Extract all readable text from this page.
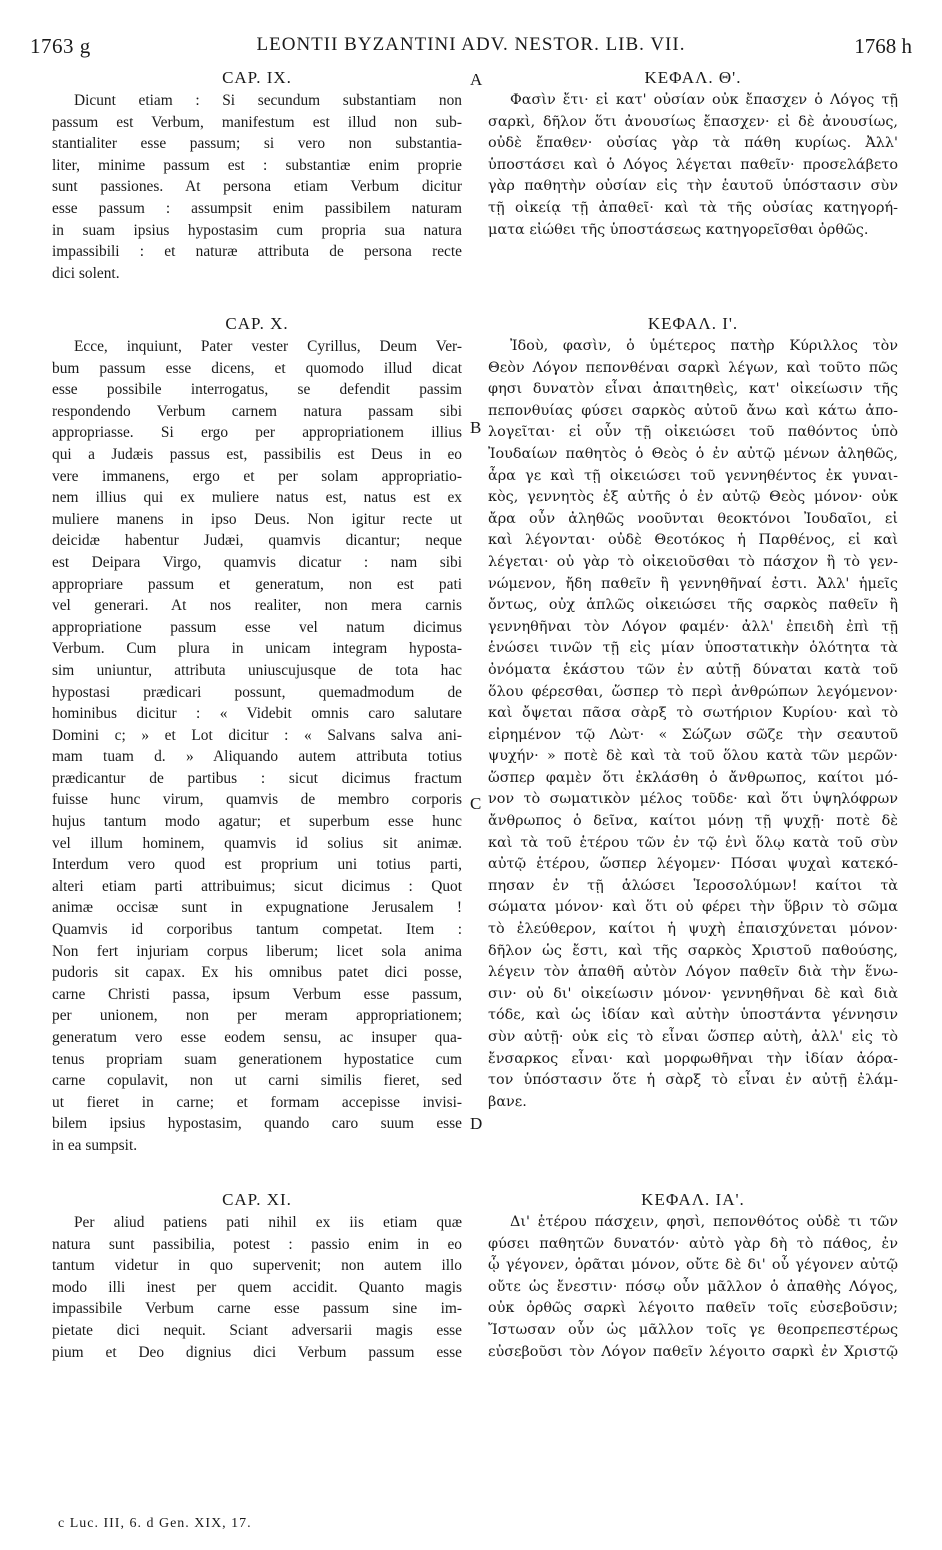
1763 g	LEONTII BYZANTINI ADV. NESTOR. LIB. VII.	1768 h
A
B
C
D
CAP. IX.
Dicunt etiam : Si secundum substantiam non
passum est Verbum, manifestum est illud non sub-
stantialiter esse passum; si vero non substantia-
liter, minime passum est : substantiæ enim proprie
sunt passiones. At persona etiam Verbum dicitur
esse passum : assumpsit enim passibilem naturam
in suam ipsius hypostasim cum propria sua natura
impassibili : et naturæ attributa de persona recte
dici solent.
CAP. X.
Ecce, inquiunt, Pater vester Cyrillus, Deum Ver-
bum passum esse dicens, et quomodo illud dicat
esse possibile interrogatus, se defendit passim
respondendo Verbum carnem natura passam sibi
appropriasse. Si ergo per appropriationem illius
qui a Judæis passus est, passibilis est Deus in eo
vere immanens, ergo et per solam appropriatio-
nem illius qui ex muliere natus est, natus est ex
muliere manens in ipso Deus. Non igitur recte ut
deicidæ habentur Judæi, quamvis dicantur; neque
est Deipara Virgo, quamvis dicatur : nam sibi
appropriare passum et generatum, non est pati
vel generari. At nos realiter, non mera carnis
appropriatione passum esse vel natum dicimus
Verbum. Cum plura in unicam integram hyposta-
sim uniuntur, attributa uniuscujusque de tota hac
hypostasi prædicari possunt, quemadmodum de
hominibus dicitur : « Videbit omnis caro salutare
Domini c; » et Lot dicitur : « Salvans salva ani-
mam tuam d. » Aliquando autem attributa totius
prædicantur de partibus : sicut dicimus fractum
fuisse hunc virum, quamvis de membro corporis
hujus tantum modo agatur; et superbum esse hunc
vel illum hominem, quamvis id solius sit animæ.
Interdum vero quod est proprium uni totius parti,
alteri etiam parti attribuimus; sicut dicimus : Quot
animæ occisæ sunt in expugnatione Jerusalem !
Quamvis id corporibus tantum competat. Item :
Non fert injuriam corpus liberum; licet sola anima
pudoris sit capax. Ex his omnibus patet dici posse,
carne Christi passa, ipsum Verbum esse passum,
per unionem, non per meram appropriationem;
generatum vero esse eodem sensu, ac insuper qua-
tenus propriam suam generationem hypostatice cum
carne copulavit, non ut carni similis fieret, sed
ut fieret in carne; et formam accepisse invisi-
bilem ipsius hypostasim, quando caro suum esse
in ea sumpsit.
CAP. XI.
Per aliud patiens pati nihil ex iis etiam quæ
natura sunt passibilia, potest : passio enim in eo
tantum videtur in quo supervenit; non autem illo
modo illi inest per quem accidit. Quanto magis
impassibile Verbum carne esse passum sine im-
pietate dici nequit. Sciant adversarii magis esse
pium et Deo dignius dici Verbum passum esse
ΚΕΦΑΛ. Θ'.
Φασὶν ἔτι· εἰ κατ' οὐσίαν οὐκ ἔπασχεν ὁ Λόγος τῇ
σαρκὶ, δῆλον ὅτι ἀνουσίως ἔπασχεν· εἰ δὲ ἀνουσίως,
οὐδὲ ἔπαθεν· οὐσίας γὰρ τὰ πάθη κυρίως. Ἀλλ'
ὑποστάσει καὶ ὁ Λόγος λέγεται παθεῖν· προσελάβετο
γὰρ παθητὴν οὐσίαν εἰς τὴν ἑαυτοῦ ὑπόστασιν σὺν
τῇ οἰκείᾳ τῇ ἀπαθεῖ· καὶ τὰ τῆς οὐσίας κατηγορή-
ματα εἰώθει τῆς ὑποστάσεως κατηγορεῖσθαι ὀρθῶς.
ΚΕΦΑΛ. Ι'.
Ἰδοὺ, φασὶν, ὁ ὑμέτερος πατὴρ Κύριλλος τὸν
Θεὸν Λόγον πεπονθέναι σαρκὶ λέγων, καὶ τοῦτο πῶς
φησι δυνατὸν εἶναι ἀπαιτηθεὶς, κατ' οἰκείωσιν τῆς
πεπονθυίας φύσει σαρκὸς αὐτοῦ ἄνω καὶ κάτω ἀπο-
λογεῖται· εἰ οὖν τῇ οἰκειώσει τοῦ παθόντος ὑπὸ
Ἰουδαίων παθητὸς ὁ Θεὸς ὁ ἐν αὐτῷ μένων ἀληθῶς,
ἆρα γε καὶ τῇ οἰκειώσει τοῦ γεννηθέντος ἐκ γυναι-
κὸς, γεννητὸς ἐξ αὐτῆς ὁ ἐν αὐτῷ Θεὸς μόνον· οὐκ
ἄρα οὖν ἀληθῶς νοοῦνται θεοκτόνοι Ἰουδαῖοι, εἰ
καὶ λέγονται· οὐδὲ Θεοτόκος ἡ Παρθένος, εἰ καὶ
λέγεται· οὐ γὰρ τὸ οἰκειοῦσθαι τὸ πάσχον ἢ τὸ γεν-
νώμενον, ἤδη παθεῖν ἢ γεννηθῆναί ἐστι. Ἀλλ' ἡμεῖς
ὄντως, οὐχ ἁπλῶς οἰκειώσει τῆς σαρκὸς παθεῖν ἢ
γεννηθῆναι τὸν Λόγον φαμέν· ἀλλ' ἐπειδὴ ἐπὶ τῇ
ἑνώσει τινῶν τῇ εἰς μίαν ὑποστατικὴν ὁλότητα τὰ
ὀνόματα ἑκάστου τῶν ἐν αὐτῇ δύναται κατὰ τοῦ
ὅλου φέρεσθαι, ὥσπερ τὸ περὶ ἀνθρώπων λεγόμενον·
καὶ ὄψεται πᾶσα σὰρξ τὸ σωτήριον Κυρίου· καὶ τὸ
εἰρημένον τῷ Λὼτ· « Σώζων σῶζε τὴν σεαυτοῦ
ψυχήν· » ποτὲ δὲ καὶ τὰ τοῦ ὅλου κατὰ τῶν μερῶν·
ὥσπερ φαμὲν ὅτι ἐκλάσθη ὁ ἄνθρωπος, καίτοι μό-
νον τὸ σωματικὸν μέλος τοῦδε· καὶ ὅτι ὑψηλόφρων
ἄνθρωπος ὁ δεῖνα, καίτοι μόνῃ τῇ ψυχῇ· ποτὲ δὲ
καὶ τὰ τοῦ ἑτέρου τῶν ἐν τῷ ἑνὶ ὅλῳ κατὰ τοῦ σὺν
αὐτῷ ἑτέρου, ὥσπερ λέγομεν· Πόσαι ψυχαὶ κατεκό-
πησαν ἐν τῇ ἁλώσει Ἱεροσολύμων! καίτοι τὰ
σώματα μόνον· καὶ ὅτι οὐ φέρει τὴν ὕβριν τὸ σῶμα
τὸ ἐλεύθερον, καίτοι ἡ ψυχὴ ἐπαισχύνεται μόνον·
δῆλον ὡς ἔστι, καὶ τῆς σαρκὸς Χριστοῦ παθούσης,
λέγειν τὸν ἀπαθῆ αὐτὸν Λόγον παθεῖν διὰ τὴν ἕνω-
σιν· οὐ δι' οἰκείωσιν μόνον· γεννηθῆναι δὲ καὶ διὰ
τόδε, καὶ ὡς ἰδίαν καὶ αὐτὴν ὑποστάντα γέννησιν
σὺν αὐτῇ· οὐκ εἰς τὸ εἶναι ὥσπερ αὐτὴ, ἀλλ' εἰς τὸ
ἔνσαρκος εἶναι· καὶ μορφωθῆναι τὴν ἰδίαν ἀόρα-
τον ὑπόστασιν ὅτε ἡ σὰρξ τὸ εἶναι ἐν αὐτῇ ἐλάμ-
βανε.
ΚΕΦΑΛ. ΙΑ'.
Δι' ἑτέρου πάσχειν, φησὶ, πεπονθότος οὐδὲ τι τῶν
φύσει παθητῶν δυνατόν· αὐτὸ γὰρ δὴ τὸ πάθος, ἐν
ᾧ γέγονεν, ὁρᾶται μόνον, οὔτε δὲ δι' οὗ γέγονεν αὐτῷ
οὔτε ὡς ἔνεστιν· πόσῳ οὖν μᾶλλον ὁ ἀπαθὴς Λόγος,
οὐκ ὀρθῶς σαρκὶ λέγοιτο παθεῖν τοῖς εὐσεβοῦσιν;
Ἴστωσαν οὖν ὡς μᾶλλον τοῖς γε θεοπρεπεστέρως
εὐσεβοῦσι τὸν Λόγον παθεῖν λέγοιτο σαρκὶ ἐν Χριστῷ
c Luc. III, 6. d Gen. XIX, 17.
